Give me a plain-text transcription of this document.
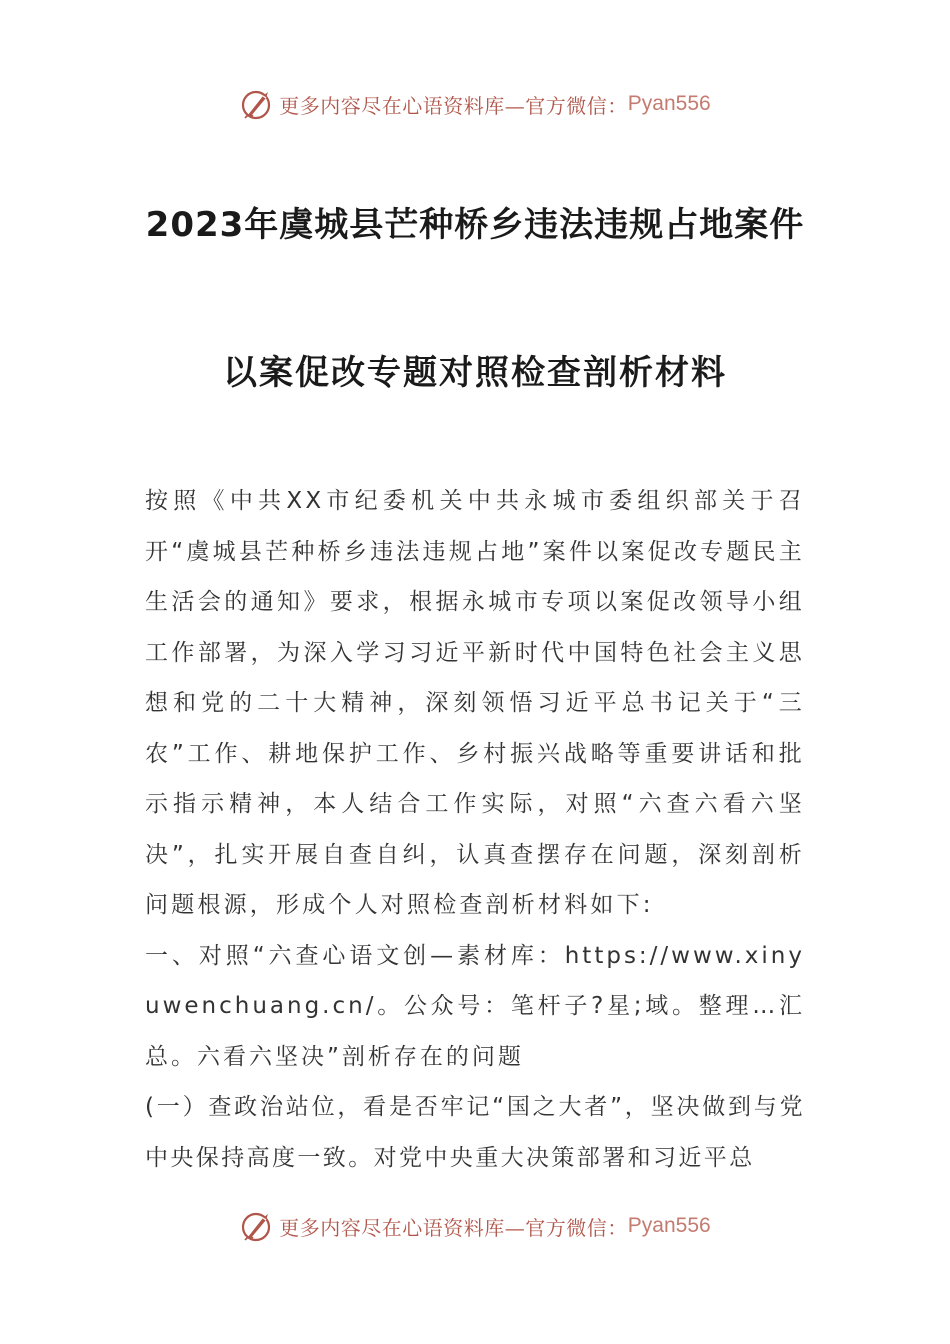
更多内容尽在心语资料库—官方微信： Pyan556
2023年虞城县芒种桥乡违法违规占地案件
以案促改专题对照检查剖析材料

按照《中共XX市纪委机关中共永城市委组织部关于召开“虞城县芒种桥乡违法违规占地”案件以案促改专题民主生活会的通知》要求，根据永城市专项以案促改领导小组工作部署，为深入学习习近平新时代中国特色社会主义思想和党的二十大精神，深刻领悟习近平总书记关于“三农”工作、耕地保护工作、乡村振兴战略等重要讲话和批示指示精神，本人结合工作实际，对照“六查六看六坚决”，扎实开展自查自纠，认真查摆存在问题，深刻剖析问题根源，形成个人对照检查剖析材料如下:

一、对照“六查心语文创—素材库：https://www.xinyuwenchuang.cn/。公众号：笔杆子?星;域。整理…汇总。六看六坚决”剖析存在的问题

(一）查政治站位，看是否牢记“国之大者”，坚决做到与党中央保持高度一致。对党中央重大决策部署和习近平总

更多内容尽在心语资料库—官方微信： Pyan556
